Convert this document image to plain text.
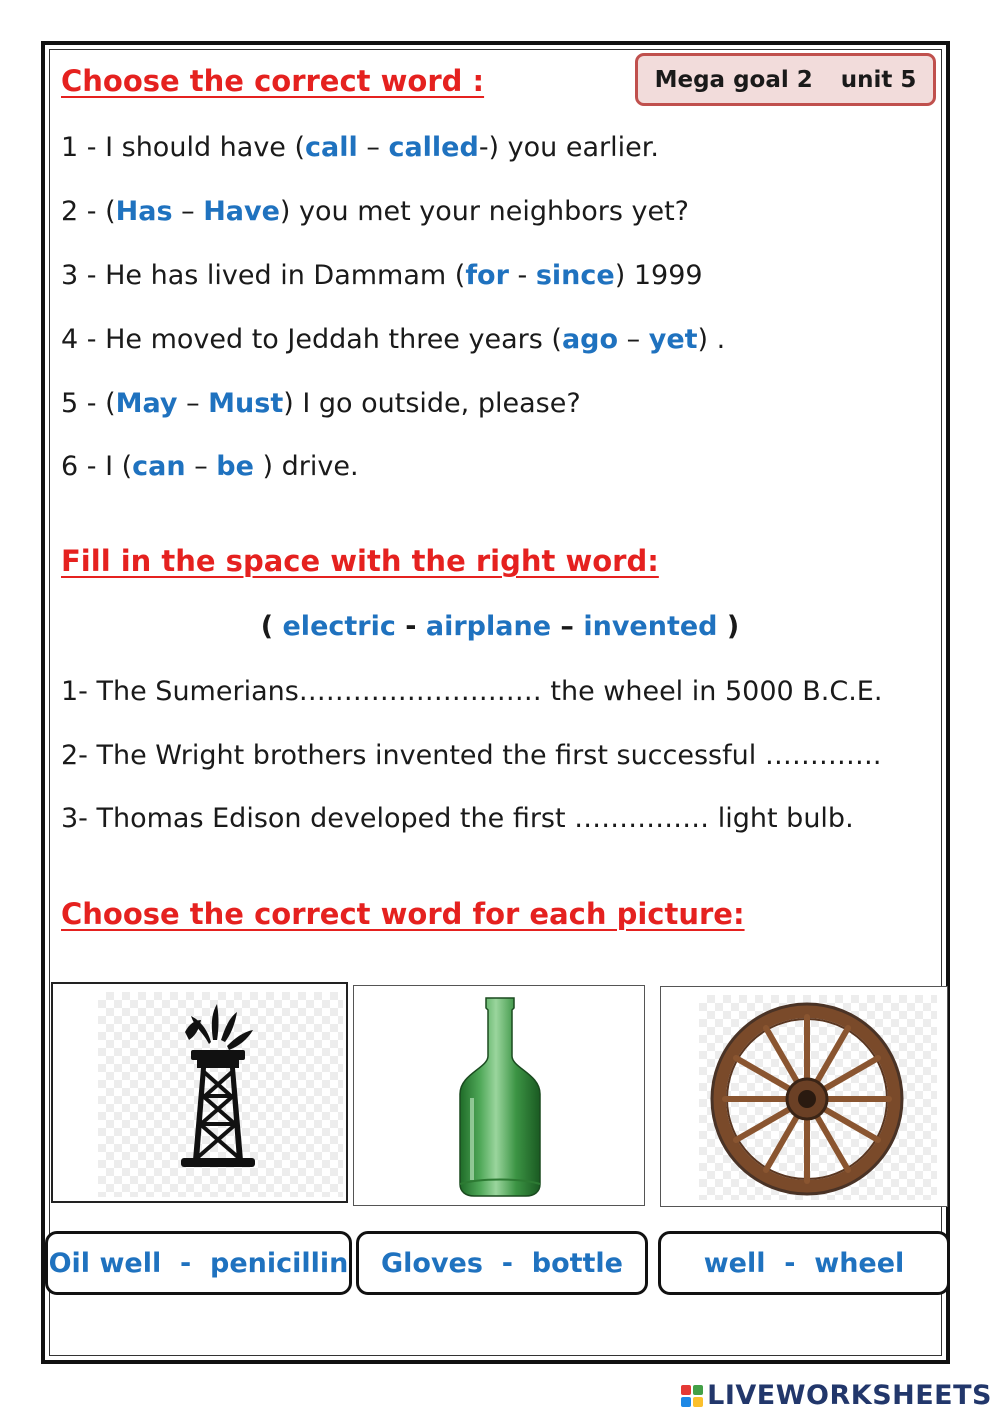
Choose the correct word :	Mega goal 2 unit 5
1 - I should have (call – called-) you earlier.
2 - (Has – Have) you met your neighbors yet?
3 - He has lived in Dammam (for - since) 1999
4 - He moved to Jeddah three years (ago – yet) .
5 - (May – Must) I go outside, please?
6 - I (can – be ) drive.
Fill in the space with the right word:
( electric - airplane – invented )
1- The Sumerians……………………… the wheel in 5000 B.C.E.
2- The Wright brothers invented the first successful ………….
3- Thomas Edison developed the first …………… light bulb.
Choose the correct word for each picture:
Oil well  -  penicillin	Gloves  -  bottle	well  -  wheel
LIVEWORKSHEETS
